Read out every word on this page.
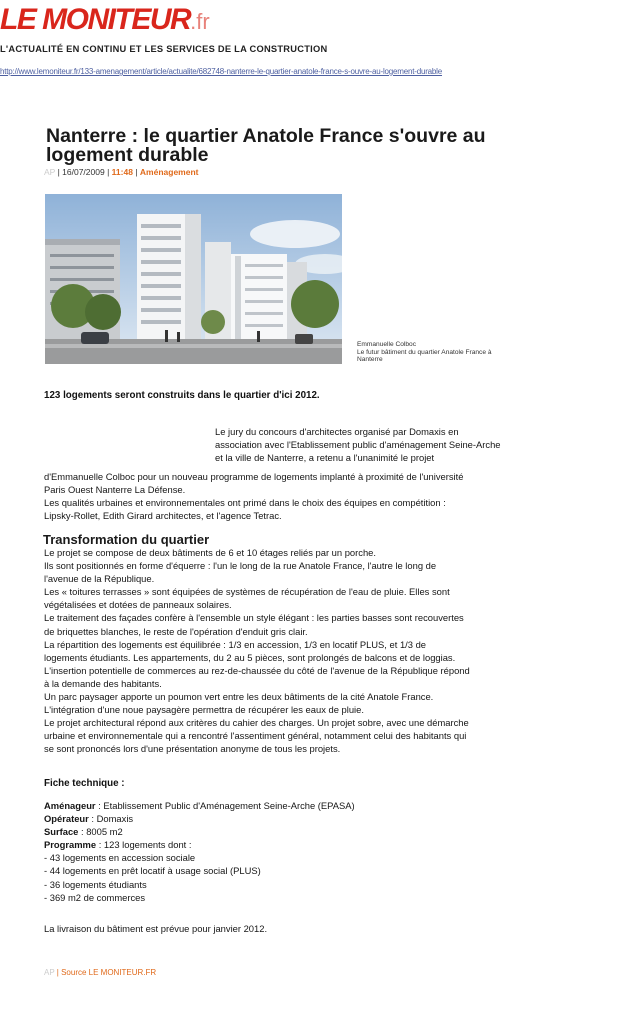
LE MONITEUR.fr
L'ACTUALITÉ EN CONTINU ET LES SERVICES DE LA CONSTRUCTION
http://www.lemoniteur.fr/133-amenagement/article/actualite/682748-nanterre-le-quartier-anatole-france-s-ouvre-au-logement-durable
Nanterre : le quartier Anatole France s'ouvre au
logement durable
AP | 16/07/2009 | 11:48 | Aménagement
Emmanuelle Colboc
Le futur bâtiment du quartier Anatole France à
Nanterre
123 logements seront construits dans le quartier d'ici 2012.
Le jury du concours d'architectes organisé par Domaxis en
association avec l'Etablissement public d'aménagement Seine-Arche
et la ville de Nanterre, a retenu a l'unanimité le projet
d'Emmanuelle Colboc pour un nouveau programme de logements implanté à proximité de l'université
Paris Ouest Nanterre La Défense.
Les qualités urbaines et environnementales ont primé dans le choix des équipes en compétition :
Lipsky-Rollet, Edith Girard architectes, et l'agence Tetrac.
Transformation du quartier
Le projet se compose de deux bâtiments de 6 et 10 étages reliés par un porche.
Ils sont positionnés en forme d'équerre : l'un le long de la rue Anatole France, l'autre le long de
l'avenue de la République.
Les « toitures terrasses » sont équipées de systèmes de récupération de l'eau de pluie. Elles sont
végétalisées et dotées de panneaux solaires.
Le traitement des façades confère à l'ensemble un style élégant : les parties basses sont recouvertes
de briquettes blanches, le reste de l'opération d'enduit gris clair.
La répartition des logements est équilibrée : 1/3 en accession, 1/3 en locatif PLUS, et 1/3 de
logements étudiants. Les appartements, du 2 au 5 pièces, sont prolongés de balcons et de loggias.
L'insertion potentielle de commerces au rez-de-chaussée du côté de l'avenue de la République répond
à la demande des habitants.
Un parc paysager apporte un poumon vert entre les deux bâtiments de la cité Anatole France.
L'intégration d'une noue paysagère permettra de récupérer les eaux de pluie.
Le projet architectural répond aux critères du cahier des charges. Un projet sobre, avec une démarche
urbaine et environnementale qui a rencontré l'assentiment général, notamment celui des habitants qui
se sont prononcés lors d'une présentation anonyme de tous les projets.
Fiche technique :
Aménageur : Etablissement Public d'Aménagement Seine-Arche (EPASA)
Opérateur : Domaxis
Surface : 8005 m2
Programme : 123 logements dont :
- 43 logements en accession sociale
- 44 logements en prêt locatif à usage social (PLUS)
- 36 logements étudiants
- 369 m2 de commerces
La livraison du bâtiment est prévue pour janvier 2012.
AP | Source LE MONITEUR.FR
